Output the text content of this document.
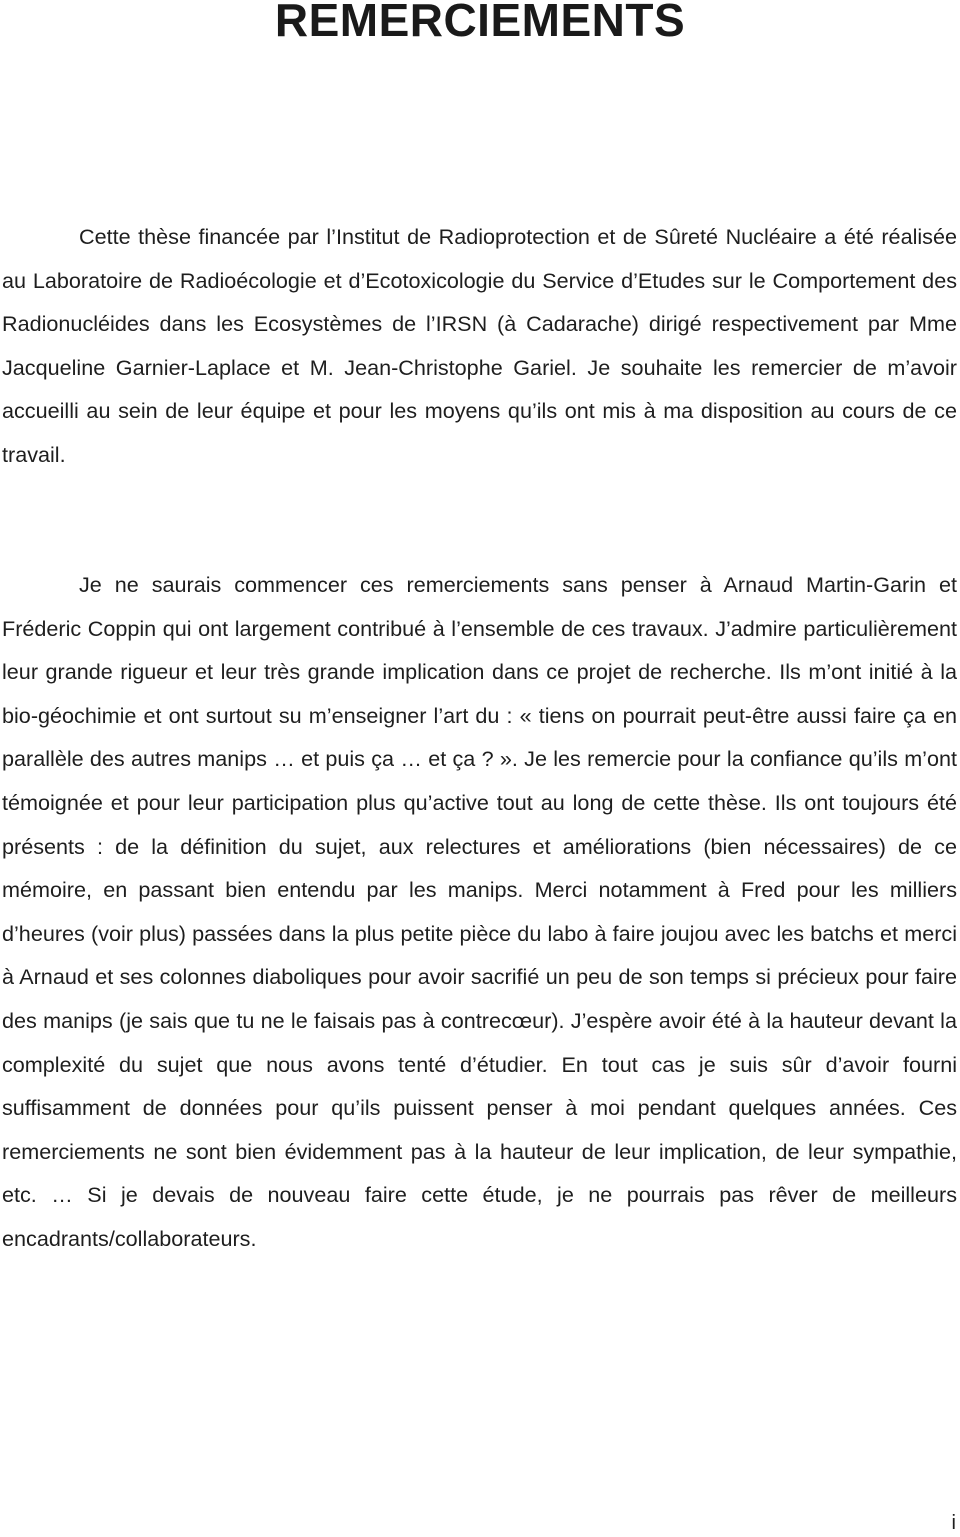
REMERCIEMENTS

Cette thèse financée par l’Institut de Radioprotection et de Sûreté Nucléaire a été réalisée au Laboratoire de Radioécologie et d’Ecotoxicologie du Service d’Etudes sur le Comportement des Radionucléides dans les Ecosystèmes de l’IRSN (à Cadarache) dirigé respectivement par Mme Jacqueline Garnier-Laplace et M. Jean-Christophe Gariel. Je souhaite les remercier de m’avoir accueilli au sein de leur équipe et pour les moyens qu’ils ont mis à ma disposition au cours de ce travail.

Je ne saurais commencer ces remerciements sans penser à Arnaud Martin-Garin et Fréderic Coppin qui ont largement contribué à l’ensemble de ces travaux. J’admire particulièrement leur grande rigueur et leur très grande implication dans ce projet de recherche. Ils m’ont initié à la bio-géochimie et ont surtout su m’enseigner l’art du : « tiens on pourrait peut-être aussi faire ça en parallèle des autres manips … et puis ça … et ça ? ». Je les remercie pour la confiance qu’ils m’ont témoignée et pour leur participation plus qu’active tout au long de cette thèse. Ils ont toujours été présents : de la définition du sujet, aux relectures et améliorations (bien nécessaires) de ce mémoire, en passant bien entendu par les manips. Merci notamment à Fred pour les milliers d’heures (voir plus) passées dans la plus petite pièce du labo à faire joujou avec les batchs et merci à Arnaud et ses colonnes diaboliques pour avoir sacrifié un peu de son temps si précieux pour faire des manips (je sais que tu ne le faisais pas à contrecœur). J’espère avoir été à la hauteur devant la complexité du sujet que nous avons tenté d’étudier. En tout cas je suis sûr d’avoir fourni suffisamment de données pour qu’ils puissent penser à moi pendant quelques années. Ces remerciements ne sont bien évidemment pas à la hauteur de leur implication, de leur sympathie, etc. … Si je devais de nouveau faire cette étude, je ne pourrais pas rêver de meilleurs encadrants/collaborateurs.

i
